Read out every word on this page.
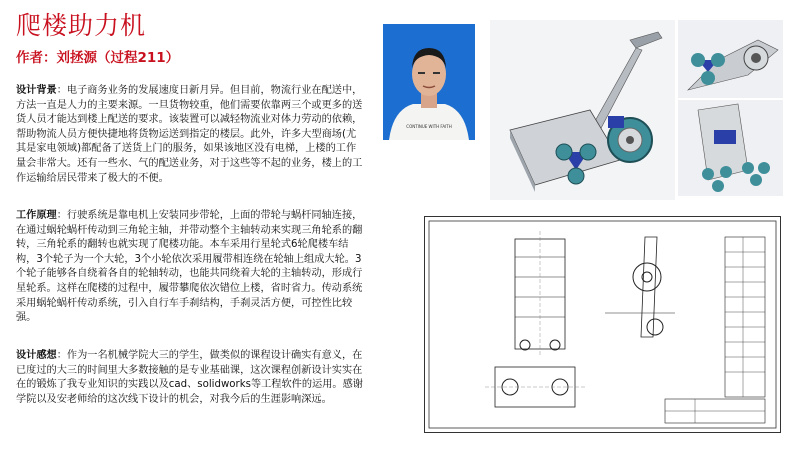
爬楼助力机
作者：刘拯源（过程211）
设计背景：电子商务业务的发展速度日新月异。但目前，物流行业在配送中，方法一直是人力的主要来源。一旦货物较重，他们需要依靠两三个或更多的送货人员才能达到楼上配送的要求。该装置可以减轻物流业对体力劳动的依赖，帮助物流人员方便快捷地将货物运送到指定的楼层。此外，许多大型商场(尤其是家电领域)都配备了送货上门的服务，如果该地区没有电梯，上楼的工作量会非常大。还有一些水、气的配送业务，对于这些等不起的业务，楼上的工作运输给居民带来了极大的不便。
工作原理：行驶系统是靠电机上安装同步带轮，上面的带轮与蜗杆同轴连接，在通过蜗轮蜗杆传动到三角轮主轴，并带动整个主轴转动来实现三角轮系的翻转，三角轮系的翻转也就实现了爬楼功能。本车采用行星轮式6轮爬楼车结构，3个轮子为一个大轮，3个小轮依次采用履带相连绕在轮轴上组成大轮。3个轮子能够各自绕着各自的轮轴转动，也能共同绕着大轮的主轴转动，形成行星轮系。这样在爬楼的过程中，履带攀爬依次错位上楼，省时省力。传动系统采用蜗轮蜗杆传动系统，引入自行车手刹结构，手刹灵活方便，可控性比较强。
设计感想：作为一名机械学院大三的学生，做类似的课程设计确实有意义，在已度过的大三的时间里大多数接触的是专业基础课，这次课程创新设计实实在在的锻炼了我专业知识的实践以及cad、solidworks等工程软件的运用。感谢学院以及安老师给的这次线下设计的机会，对我今后的生涯影响深远。
CONTINUE WITH FAITH
